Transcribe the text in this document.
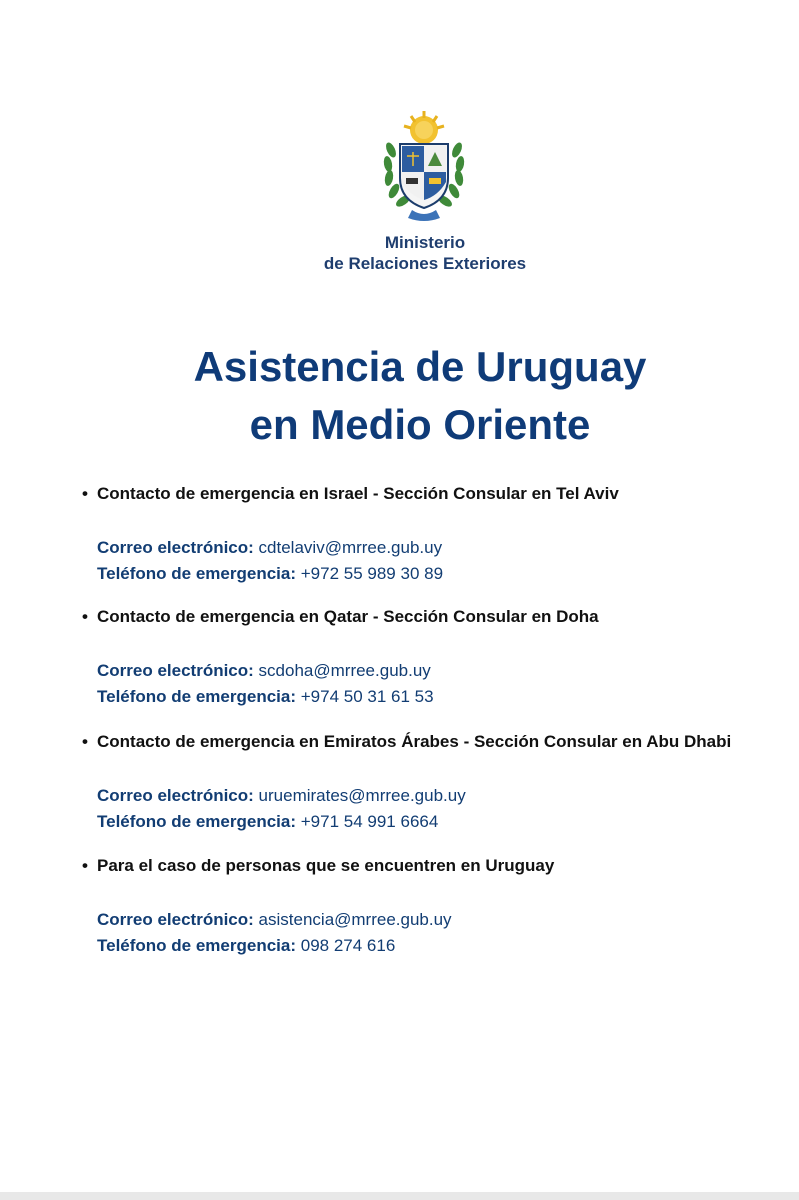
Ministerio
de Relaciones Exteriores
Asistencia de Uruguay
en Medio Oriente
• Contacto de emergencia en Israel - Sección Consular en Tel Aviv
Correo electrónico: cdtelaviv@mrree.gub.uy
Teléfono de emergencia: +972 55 989 30 89
• Contacto de emergencia en Qatar - Sección Consular en Doha
Correo electrónico: scdoha@mrree.gub.uy
Teléfono de emergencia: +974 50 31 61 53
• Contacto de emergencia en Emiratos Árabes - Sección Consular en Abu Dhabi
Correo electrónico: uruemirates@mrree.gub.uy
Teléfono de emergencia: +971 54 991 6664
• Para el caso de personas que se encuentren en Uruguay
Correo electrónico: asistencia@mrree.gub.uy
Teléfono de emergencia: 098 274 616
